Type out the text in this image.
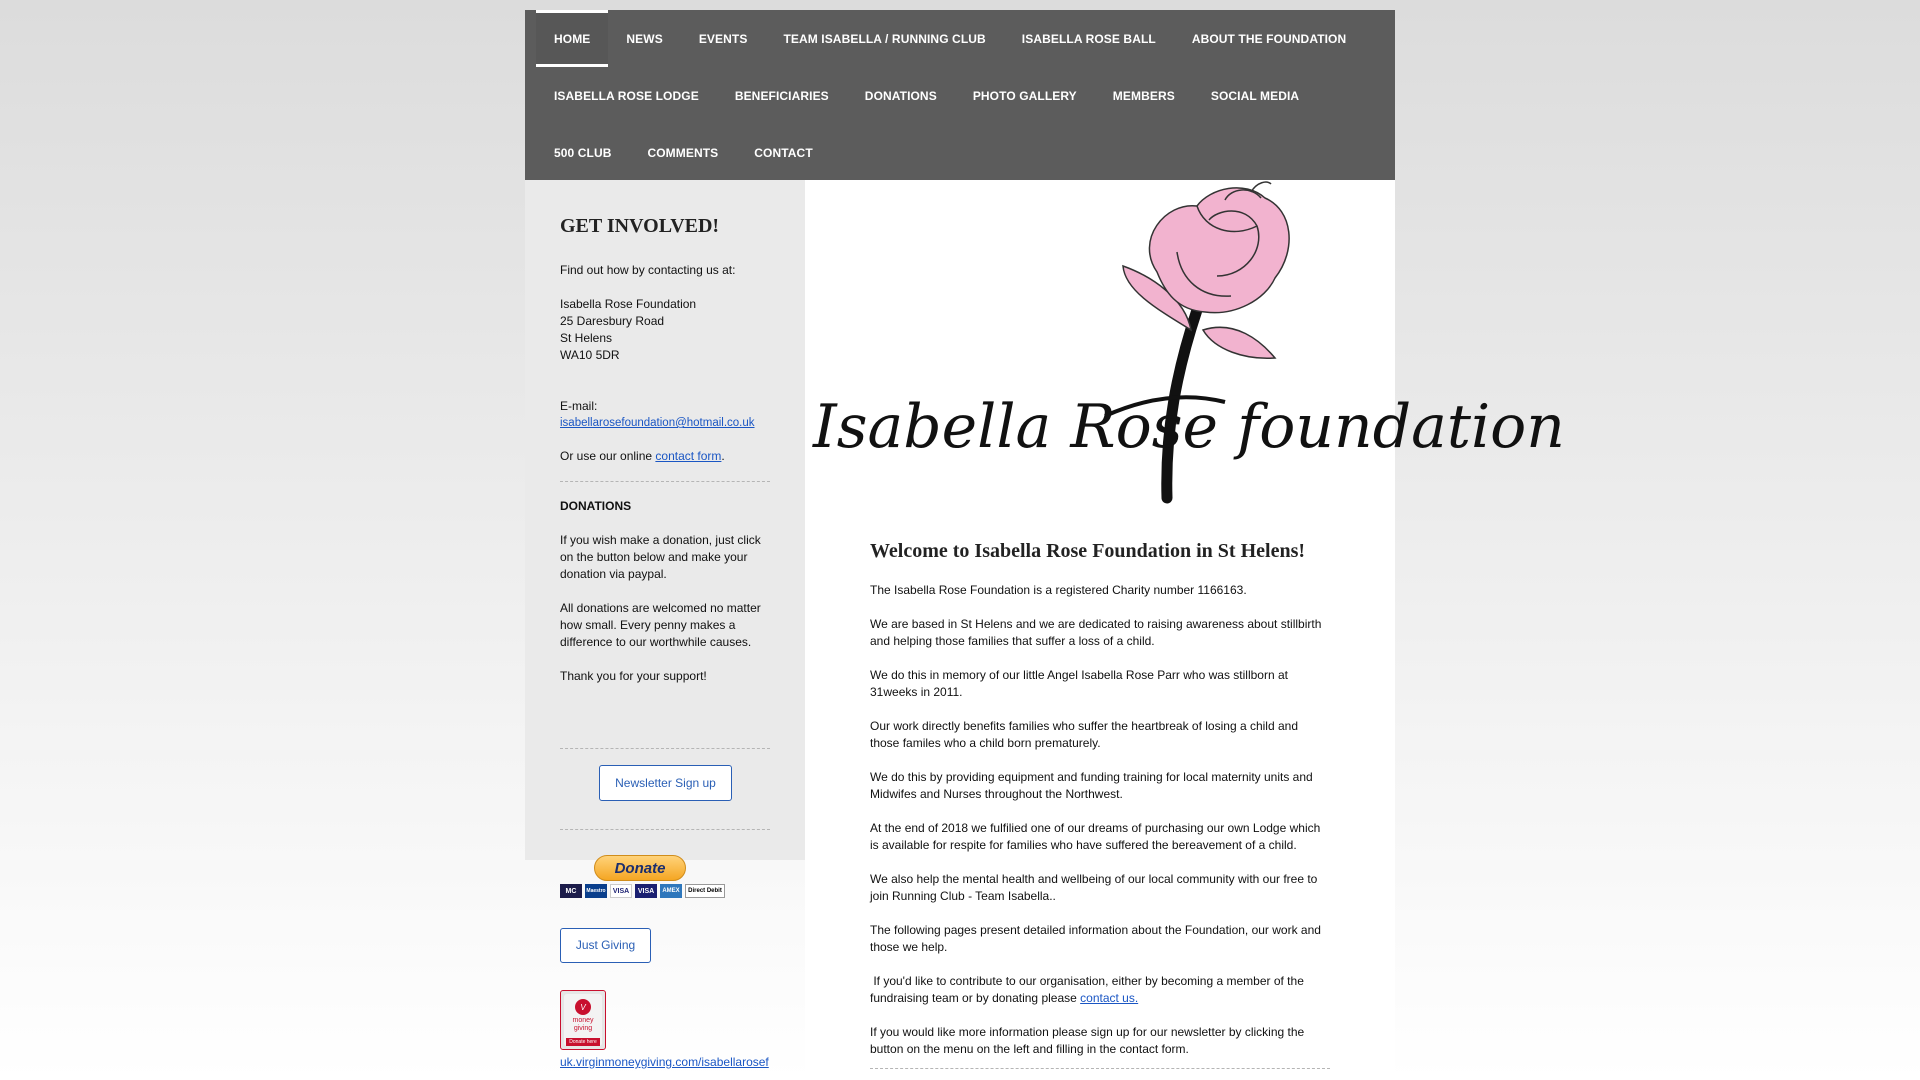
HOME	NEWS	EVENTS	TEAM ISABELLA / RUNNING CLUB	ISABELLA ROSE BALL	ABOUT THE FOUNDATION
ISABELLA ROSE LODGE	BENEFICIARIES	DONATIONS	PHOTO GALLERY	MEMBERS	SOCIAL MEDIA
500 CLUB	COMMENTS	CONTACT
GET INVOLVED!
Find out how by contacting us at:
Isabella Rose Foundation
25 Daresbury Road
St Helens
WA10 5DR
E-mail:
isabellarosefoundation@hotmail.co.uk
Or use our online contact form.
DONATIONS
If you wish make a donation, just click
on the button below and make your
donation via paypal.
All donations are welcomed no matter
how small. Every penny makes a
difference to our worthwhile causes.
Thank you for your support!
Newsletter Sign up
Donate
MC	Maestro	VISA	VISA	AMEX	Direct Debit
Just Giving
V
money
giving
Donate here
uk.virginmoneygiving.com/isabellarosef
Isabella Rose foundation
Welcome to Isabella Rose Foundation in St Helens!
The Isabella Rose Foundation is a registered Charity number 1166163.
We are based in St Helens and we are dedicated to raising awareness about stillbirth
and helping those families that suffer a loss of a child.
We do this in memory of our little Angel Isabella Rose Parr who was stillborn at
31weeks in 2011.
Our work directly benefits families who suffer the heartbreak of losing a child and
those familes who a child born prematurely.
We do this by providing equipment and funding training for local maternity units and
Midwifes and Nurses throughout the Northwest.
At the end of 2018 we fulfilied one of our dreams of purchasing our own Lodge which
is available for respite for families who have suffered the bereavement of a child.
We also help the mental health and wellbeing of our local community with our free to
join Running Club - Team Isabella..
The following pages present detailed information about the Foundation, our work and
those we help.
If you'd like to contribute to our organisation, either by becoming a member of the
fundraising team or by donating please contact us.
If you would like more information please sign up for our newsletter by clicking the
button on the menu on the left and filling in the contact form.
